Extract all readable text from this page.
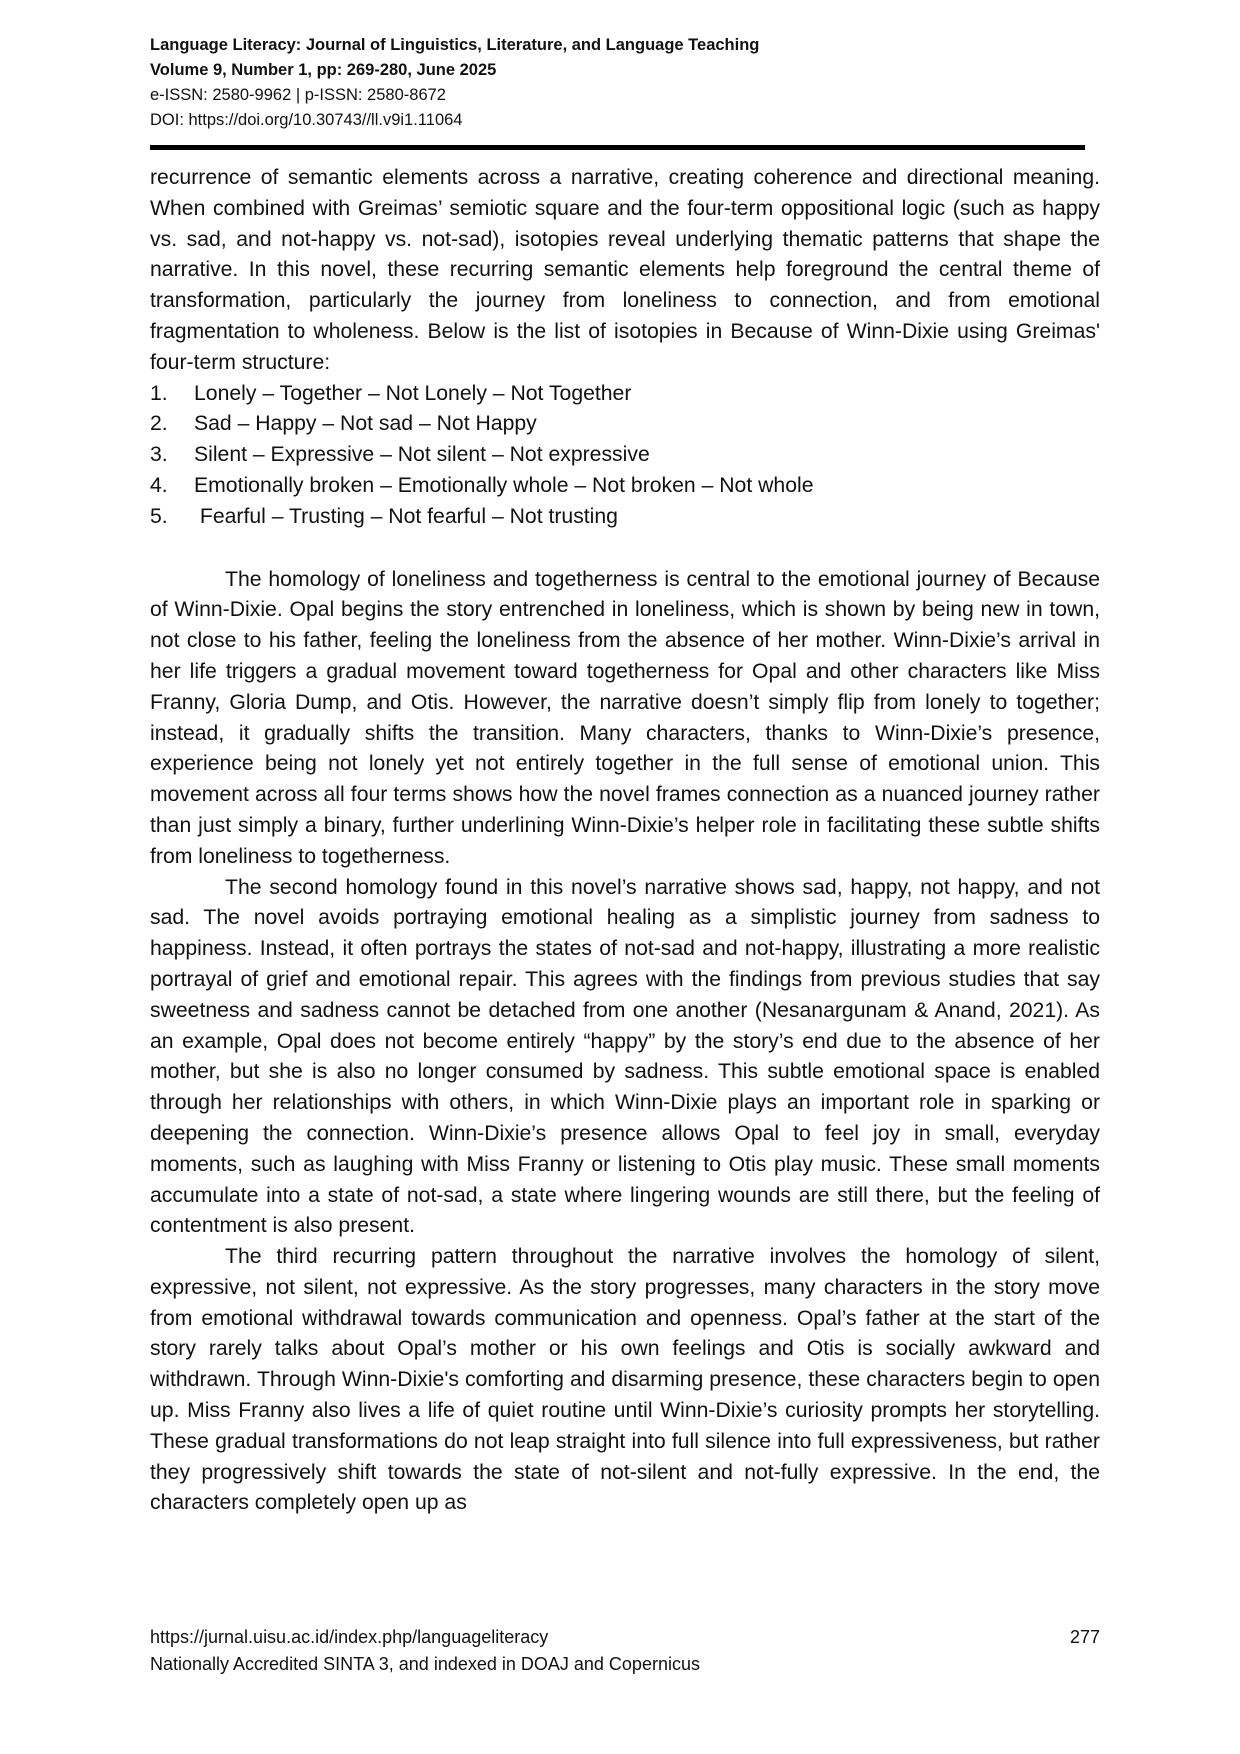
Language Literacy: Journal of Linguistics, Literature, and Language Teaching
Volume 9, Number 1, pp: 269-280, June 2025
e-ISSN: 2580-9962 | p-ISSN: 2580-8672
DOI: https://doi.org/10.30743//ll.v9i1.11064

recurrence of semantic elements across a narrative, creating coherence and directional meaning. When combined with Greimas’ semiotic square and the four-term oppositional logic (such as happy vs. sad, and not-happy vs. not-sad), isotopies reveal underlying thematic patterns that shape the narrative. In this novel, these recurring semantic elements help foreground the central theme of transformation, particularly the journey from loneliness to connection, and from emotional fragmentation to wholeness. Below is the list of isotopies in Because of Winn-Dixie using Greimas' four-term structure:

1.	Lonely – Together – Not Lonely – Not Together
2.	Sad – Happy – Not sad – Not Happy
3.	Silent – Expressive – Not silent – Not expressive
4.	Emotionally broken – Emotionally whole – Not broken – Not whole
5.	Fearful – Trusting – Not fearful – Not trusting

The homology of loneliness and togetherness is central to the emotional journey of Because of Winn-Dixie. Opal begins the story entrenched in loneliness, which is shown by being new in town, not close to his father, feeling the loneliness from the absence of her mother. Winn-Dixie’s arrival in her life triggers a gradual movement toward togetherness for Opal and other characters like Miss Franny, Gloria Dump, and Otis. However, the narrative doesn’t simply flip from lonely to together; instead, it gradually shifts the transition. Many characters, thanks to Winn-Dixie’s presence, experience being not lonely yet not entirely together in the full sense of emotional union. This movement across all four terms shows how the novel frames connection as a nuanced journey rather than just simply a binary, further underlining Winn-Dixie’s helper role in facilitating these subtle shifts from loneliness to togetherness.

The second homology found in this novel’s narrative shows sad, happy, not happy, and not sad. The novel avoids portraying emotional healing as a simplistic journey from sadness to happiness. Instead, it often portrays the states of not-sad and not-happy, illustrating a more realistic portrayal of grief and emotional repair. This agrees with the findings from previous studies that say sweetness and sadness cannot be detached from one another (Nesanargunam & Anand, 2021). As an example, Opal does not become entirely “happy” by the story’s end due to the absence of her mother, but she is also no longer consumed by sadness. This subtle emotional space is enabled through her relationships with others, in which Winn-Dixie plays an important role in sparking or deepening the connection. Winn-Dixie’s presence allows Opal to feel joy in small, everyday moments, such as laughing with Miss Franny or listening to Otis play music. These small moments accumulate into a state of not-sad, a state where lingering wounds are still there, but the feeling of contentment is also present.

The third recurring pattern throughout the narrative involves the homology of silent, expressive, not silent, not expressive. As the story progresses, many characters in the story move from emotional withdrawal towards communication and openness. Opal’s father at the start of the story rarely talks about Opal’s mother or his own feelings and Otis is socially awkward and withdrawn. Through Winn-Dixie's comforting and disarming presence, these characters begin to open up. Miss Franny also lives a life of quiet routine until Winn-Dixie’s curiosity prompts her storytelling. These gradual transformations do not leap straight into full silence into full expressiveness, but rather they progressively shift towards the state of not-silent and not-fully expressive. In the end, the characters completely open up as

https://jurnal.uisu.ac.id/index.php/languageliteracy	277
Nationally Accredited SINTA 3, and indexed in DOAJ and Copernicus
